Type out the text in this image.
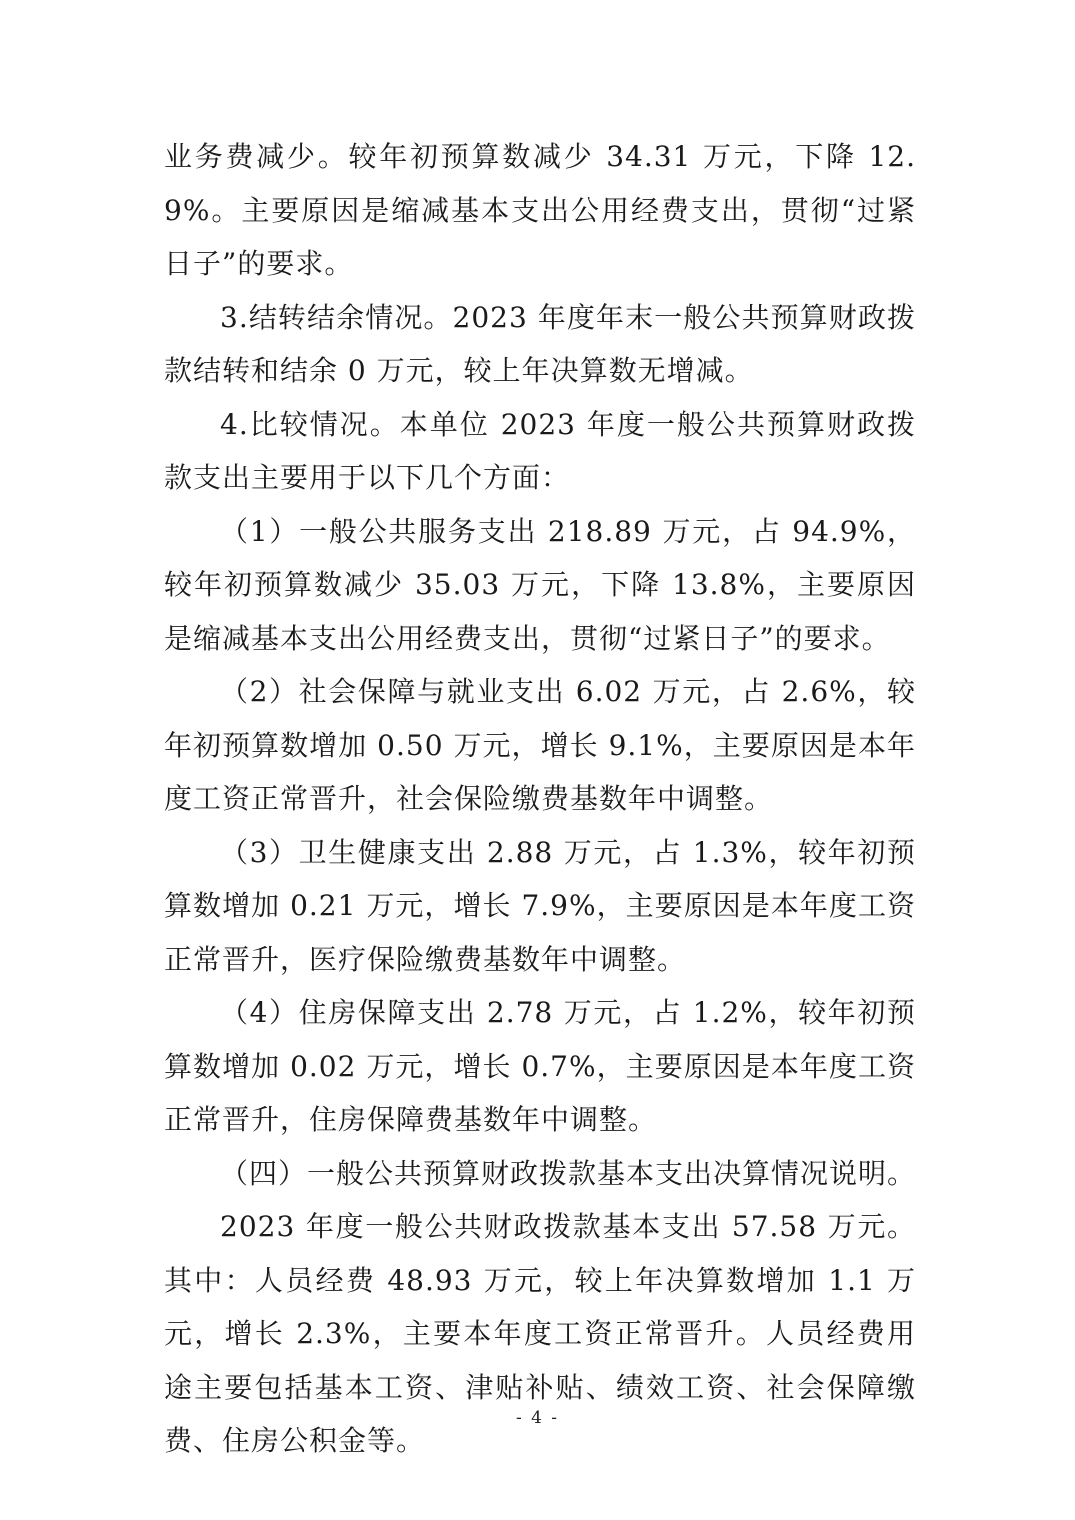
业务费减少。较年初预算数减少 34.31 万元，下降 12.9%。主要原因是缩减基本支出公用经费支出，贯彻“过紧日子”的要求。

3.结转结余情况。2023 年度年末一般公共预算财政拨款结转和结余 0 万元，较上年决算数无增减。

4.比较情况。本单位 2023 年度一般公共预算财政拨款支出主要用于以下几个方面：

（1）一般公共服务支出 218.89 万元，占 94.9%，较年初预算数减少 35.03 万元，下降 13.8%，主要原因是缩减基本支出公用经费支出，贯彻“过紧日子”的要求。

（2）社会保障与就业支出 6.02 万元，占 2.6%，较年初预算数增加 0.50 万元，增长 9.1%，主要原因是本年度工资正常晋升，社会保险缴费基数年中调整。

（3）卫生健康支出 2.88 万元，占 1.3%，较年初预算数增加 0.21 万元，增长 7.9%，主要原因是本年度工资正常晋升，医疗保险缴费基数年中调整。

（4）住房保障支出 2.78 万元，占 1.2%，较年初预算数增加 0.02 万元，增长 0.7%，主要原因是本年度工资正常晋升，住房保障费基数年中调整。

（四）一般公共预算财政拨款基本支出决算情况说明。

2023 年度一般公共财政拨款基本支出 57.58 万元。其中：人员经费 48.93 万元，较上年决算数增加 1.1 万元，增长 2.3%，主要本年度工资正常晋升。人员经费用途主要包括基本工资、津贴补贴、绩效工资、社会保障缴费、住房公积金等。

- 4 -
